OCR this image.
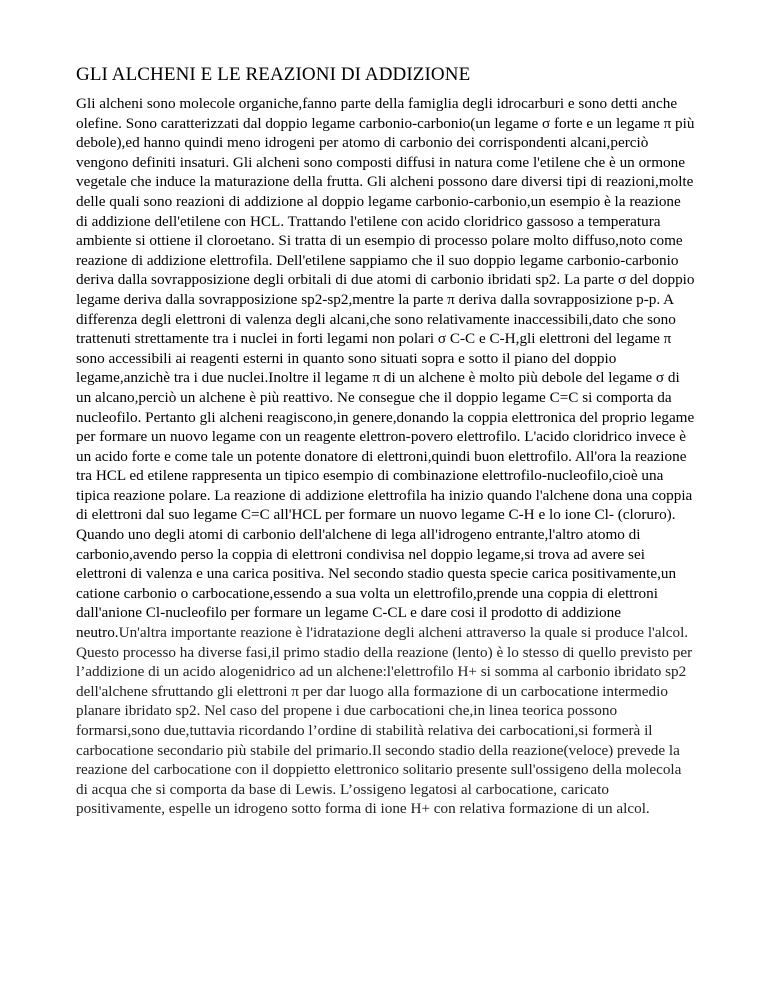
GLI ALCHENI E LE REAZIONI DI ADDIZIONE

Gli alcheni sono molecole organiche,fanno parte della famiglia degli idrocarburi e sono detti anche olefine. Sono caratterizzati dal doppio legame carbonio-carbonio(un legame σ forte e un legame π più debole),ed hanno quindi meno idrogeni per atomo di carbonio dei corrispondenti alcani,perciò vengono definiti insaturi. Gli alcheni sono composti diffusi in natura come l'etilene che è un ormone vegetale che induce la maturazione della frutta. Gli alcheni possono dare diversi tipi di reazioni,molte delle quali sono reazioni di addizione al doppio legame carbonio-carbonio,un esempio è la reazione di addizione dell'etilene con HCL. Trattando l'etilene con acido cloridrico gassoso a temperatura ambiente si ottiene il cloroetano. Si tratta di un esempio di processo polare molto diffuso,noto come reazione di addizione elettrofila. Dell'etilene sappiamo che il suo doppio legame carbonio-carbonio deriva dalla sovrapposizione degli orbitali di due atomi di carbonio ibridati sp2. La parte σ del doppio legame deriva dalla sovrapposizione sp2-sp2,mentre la parte π deriva dalla sovrapposizione p-p. A differenza degli elettroni di valenza degli alcani,che sono relativamente inaccessibili,dato che sono trattenuti strettamente tra i nuclei in forti legami non polari σ C-C e C-H,gli elettroni del legame π sono accessibili ai reagenti esterni in quanto sono situati sopra e sotto il piano del doppio legame,anzichè tra i due nuclei.Inoltre il legame π di un alchene è molto più debole del legame σ di un alcano,perciò un alchene è più reattivo. Ne consegue che il doppio legame C=C si comporta da nucleofilo. Pertanto gli alcheni reagiscono,in genere,donando la coppia elettronica del proprio legame per formare un nuovo legame con un reagente elettron-povero elettrofilo. L'acido cloridrico invece è un acido forte e come tale un potente donatore di elettroni,quindi buon elettrofilo. All'ora la reazione tra HCL ed etilene rappresenta un tipico esempio di combinazione elettrofilo-nucleofilo,cioè una tipica reazione polare. La reazione di addizione elettrofila ha inizio quando l'alchene dona una coppia di elettroni dal suo legame C=C all'HCL per formare un nuovo legame C-H e lo ione Cl- (cloruro). Quando uno degli atomi di carbonio dell'alchene di lega all'idrogeno entrante,l'altro atomo di carbonio,avendo perso la coppia di elettroni condivisa nel doppio legame,si trova ad avere sei elettroni di valenza e una carica positiva. Nel secondo stadio questa specie carica positivamente,un catione carbonio o carbocatione,essendo a sua volta un elettrofilo,prende una coppia di elettroni dall'anione Cl-nucleofilo per formare un legame C-CL e dare cosi il prodotto di addizione neutro.Un'altra importante reazione è l'idratazione degli alcheni attraverso la quale si produce l'alcol. Questo processo ha diverse fasi,il primo stadio della reazione (lento) è lo stesso di quello previsto per l’addizione di un acido alogenidrico ad un alchene:l'elettrofilo H+ si somma al carbonio ibridato sp2 dell'alchene sfruttando gli elettroni π per dar luogo alla formazione di un carbocatione intermedio planare ibridato sp2. Nel caso del propene i due carbocationi che,in linea teorica possono formarsi,sono due,tuttavia ricordando l’ordine di stabilità relativa dei carbocationi,si formerà il carbocatione secondario più stabile del primario.Il secondo stadio della reazione(veloce) prevede la reazione del carbocatione con il doppietto elettronico solitario presente sull'ossigeno della molecola di acqua che si comporta da base di Lewis. L’ossigeno legatosi al carbocatione, caricato positivamente, espelle un idrogeno sotto forma di ione H+ con relativa formazione di un alcol.
